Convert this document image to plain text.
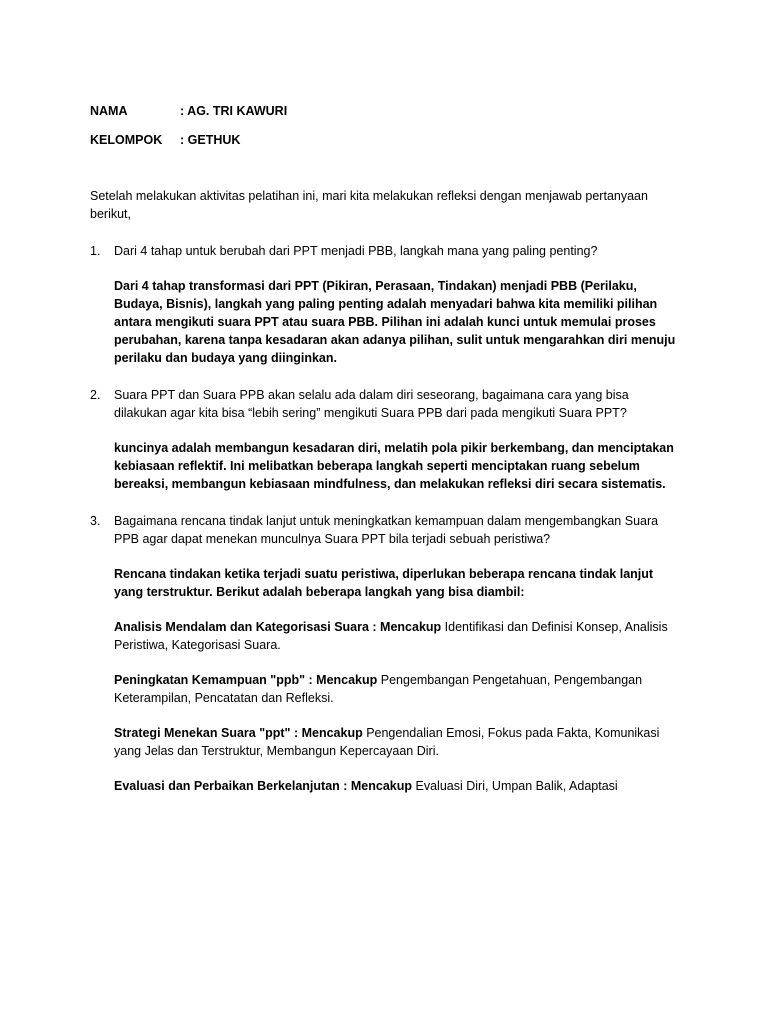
NAMA	: AG. TRI KAWURI
KELOMPOK	: GETHUK
Setelah melakukan aktivitas pelatihan ini, mari kita melakukan refleksi dengan menjawab pertanyaan berikut,
1.	Dari 4 tahap untuk berubah dari PPT menjadi PBB, langkah mana yang paling penting?

Dari 4 tahap transformasi dari PPT (Pikiran, Perasaan, Tindakan) menjadi PBB (Perilaku, Budaya, Bisnis), langkah yang paling penting adalah menyadari bahwa kita memiliki pilihan antara mengikuti suara PPT atau suara PBB. Pilihan ini adalah kunci untuk memulai proses perubahan, karena tanpa kesadaran akan adanya pilihan, sulit untuk mengarahkan diri menuju perilaku dan budaya yang diinginkan.

2.	Suara PPT dan Suara PPB akan selalu ada dalam diri seseorang, bagaimana cara yang bisa dilakukan agar kita bisa “lebih sering” mengikuti Suara PPB dari pada mengikuti Suara PPT?

kuncinya adalah membangun kesadaran diri, melatih pola pikir berkembang, dan menciptakan kebiasaan reflektif. Ini melibatkan beberapa langkah seperti menciptakan ruang sebelum bereaksi, membangun kebiasaan mindfulness, dan melakukan refleksi diri secara sistematis.

3.	Bagaimana rencana tindak lanjut untuk meningkatkan kemampuan dalam mengembangkan Suara PPB agar dapat menekan munculnya Suara PPT bila terjadi sebuah peristiwa?

Rencana tindakan ketika terjadi suatu peristiwa, diperlukan beberapa rencana tindak lanjut yang terstruktur. Berikut adalah beberapa langkah yang bisa diambil:

Analisis Mendalam dan Kategorisasi Suara : Mencakup Identifikasi dan Definisi Konsep, Analisis Peristiwa, Kategorisasi Suara.
Peningkatan Kemampuan "ppb" : Mencakup Pengembangan Pengetahuan, Pengembangan Keterampilan, Pencatatan dan Refleksi.
Strategi Menekan Suara "ppt" : Mencakup Pengendalian Emosi, Fokus pada Fakta, Komunikasi yang Jelas dan Terstruktur, Membangun Kepercayaan Diri.
Evaluasi dan Perbaikan Berkelanjutan : Mencakup Evaluasi Diri, Umpan Balik, Adaptasi
